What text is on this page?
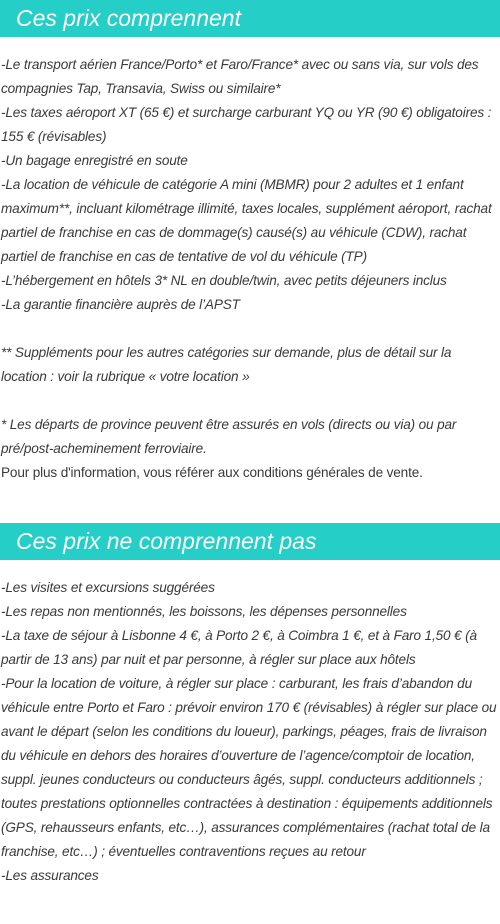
Ces prix comprennent

-Le transport aérien France/Porto* et Faro/France* avec ou sans via, sur vols des compagnies Tap, Transavia, Swiss ou similaire*

-Les taxes aéroport XT (65 €) et surcharge carburant YQ ou YR (90 €) obligatoires : 155 € (révisables)

-Un bagage enregistré en soute

-La location de véhicule de catégorie A mini (MBMR) pour 2 adultes et 1 enfant maximum**, incluant kilométrage illimité, taxes locales, supplément aéroport, rachat partiel de franchise en cas de dommage(s) causé(s) au véhicule (CDW), rachat partiel de franchise en cas de tentative de vol du véhicule (TP)

-L’hébergement en hôtels 3* NL en double/twin, avec petits déjeuners inclus

-La garantie financière auprès de l’APST

** Suppléments pour les autres catégories sur demande, plus de détail sur la location : voir la rubrique « votre location »

* Les départs de province peuvent être assurés en vols (directs ou via) ou par pré/post-acheminement ferroviaire.

Pour plus d'information, vous référer aux conditions générales de vente.

Ces prix ne comprennent pas

-Les visites et excursions suggérées

-Les repas non mentionnés, les boissons, les dépenses personnelles

-La taxe de séjour à Lisbonne 4 €, à Porto 2 €, à Coimbra 1 €, et à Faro 1,50 € (à partir de 13 ans) par nuit et par personne, à régler sur place aux hôtels

-Pour la location de voiture, à régler sur place : carburant, les frais d’abandon du véhicule entre Porto et Faro : prévoir environ 170 € (révisables) à régler sur place ou avant le départ (selon les conditions du loueur), parkings, péages, frais de livraison du véhicule en dehors des horaires d’ouverture de l’agence/comptoir de location, suppl. jeunes conducteurs ou conducteurs âgés, suppl. conducteurs additionnels ; toutes prestations optionnelles contractées à destination : équipements additionnels (GPS, rehausseurs enfants, etc…), assurances complémentaires (rachat total de la franchise, etc…) ; éventuelles contraventions reçues au retour

-Les assurances
